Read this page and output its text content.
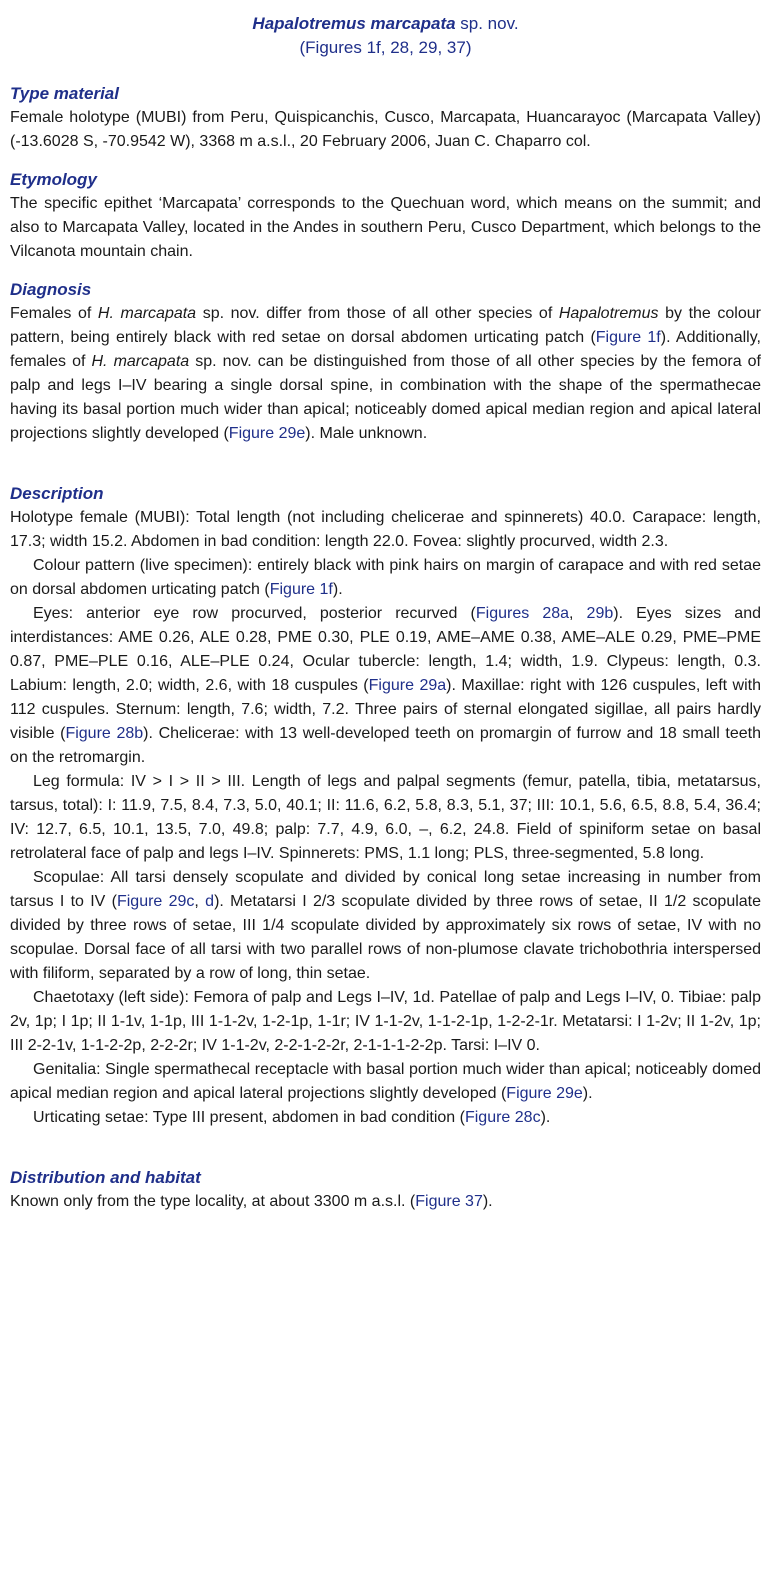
Hapalotremus marcapata sp. nov.
(Figures 1f, 28, 29, 37)
Type material

Female holotype (MUBI) from Peru, Quispicanchis, Cusco, Marcapata, Huancarayoc (Marcapata Valley) (-13.6028 S, -70.9542 W), 3368 m a.s.l., 20 February 2006, Juan C. Chaparro col.

Etymology

The specific epithet ‘Marcapata’ corresponds to the Quechuan word, which means on the summit; and also to Marcapata Valley, located in the Andes in southern Peru, Cusco Department, which belongs to the Vilcanota mountain chain.

Diagnosis

Females of H. marcapata sp. nov. differ from those of all other species of Hapalotremus by the colour pattern, being entirely black with red setae on dorsal abdomen urticating patch (Figure 1f). Additionally, females of H. marcapata sp. nov. can be distinguished from those of all other species by the femora of palp and legs I–IV bearing a single dorsal spine, in combination with the shape of the spermathecae having its basal portion much wider than apical; noticeably domed apical median region and apical lateral projections slightly developed (Figure 29e). Male unknown.

Description

Holotype female (MUBI): Total length (not including chelicerae and spinnerets) 40.0. Carapace: length, 17.3; width 15.2. Abdomen in bad condition: length 22.0. Fovea: slightly procurved, width 2.3.

Colour pattern (live specimen): entirely black with pink hairs on margin of carapace and with red setae on dorsal abdomen urticating patch (Figure 1f).

Eyes: anterior eye row procurved, posterior recurved (Figures 28a, 29b). Eyes sizes and interdistances: AME 0.26, ALE 0.28, PME 0.30, PLE 0.19, AME–AME 0.38, AME–ALE 0.29, PME–PME 0.87, PME–PLE 0.16, ALE–PLE 0.24, Ocular tubercle: length, 1.4; width, 1.9. Clypeus: length, 0.3. Labium: length, 2.0; width, 2.6, with 18 cuspules (Figure 29a). Maxillae: right with 126 cuspules, left with 112 cuspules. Sternum: length, 7.6; width, 7.2. Three pairs of sternal elongated sigillae, all pairs hardly visible (Figure 28b). Chelicerae: with 13 well-developed teeth on promargin of furrow and 18 small teeth on the retromargin.

Leg formula: IV > I > II > III. Length of legs and palpal segments (femur, patella, tibia, metatarsus, tarsus, total): I: 11.9, 7.5, 8.4, 7.3, 5.0, 40.1; II: 11.6, 6.2, 5.8, 8.3, 5.1, 37; III: 10.1, 5.6, 6.5, 8.8, 5.4, 36.4; IV: 12.7, 6.5, 10.1, 13.5, 7.0, 49.8; palp: 7.7, 4.9, 6.0, –, 6.2, 24.8. Field of spiniform setae on basal retrolateral face of palp and legs I–IV. Spinnerets: PMS, 1.1 long; PLS, three-segmented, 5.8 long.

Scopulae: All tarsi densely scopulate and divided by conical long setae increasing in number from tarsus I to IV (Figure 29c, d). Metatarsi I 2/3 scopulate divided by three rows of setae, II 1/2 scopulate divided by three rows of setae, III 1/4 scopulate divided by approximately six rows of setae, IV with no scopulae. Dorsal face of all tarsi with two parallel rows of non-plumose clavate trichobothria interspersed with filiform, separated by a row of long, thin setae.

Chaetotaxy (left side): Femora of palp and Legs I–IV, 1d. Patellae of palp and Legs I–IV, 0. Tibiae: palp 2v, 1p; I 1p; II 1-1v, 1-1p, III 1-1-2v, 1-2-1p, 1-1r; IV 1-1-2v, 1-1-2-1p, 1-2-2-1r. Metatarsi: I 1-2v; II 1-2v, 1p; III 2-2-1v, 1-1-2-2p, 2-2-2r; IV 1-1-2v, 2-2-1-2-2r, 2-1-1-1-2-2p. Tarsi: I–IV 0.

Genitalia: Single spermathecal receptacle with basal portion much wider than apical; noticeably domed apical median region and apical lateral projections slightly developed (Figure 29e).

Urticating setae: Type III present, abdomen in bad condition (Figure 28c).

Distribution and habitat

Known only from the type locality, at about 3300 m a.s.l. (Figure 37).
